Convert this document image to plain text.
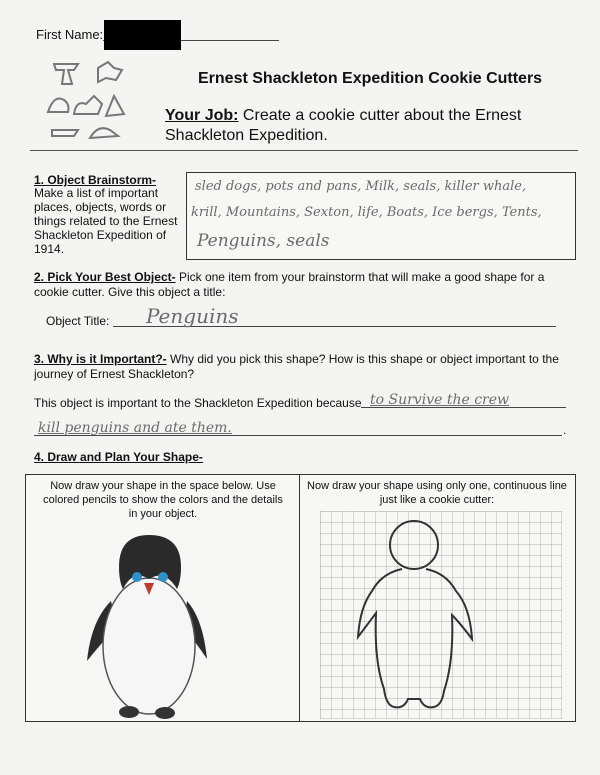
First Name:
Ernest Shackleton Expedition Cookie Cutters
Your Job: Create a cookie cutter about the Ernest
Shackleton Expedition.
1. Object Brainstorm-
Make a list of important
places, objects, words or
things related to the Ernest
Shackleton Expedition of
1914.
sled dogs, pots and pans, Milk, seals, killer whale,
krill, Mountains, Sexton, life, Boats, Ice bergs, Tents,
Penguins, seals
2. Pick Your Best Object- Pick one item from your brainstorm that will make a good shape for a
cookie cutter. Give this object a title:
Object Title: Penguins
3. Why is it Important?- Why did you pick this shape? How is this shape or object important to the
journey of Ernest Shackleton?
This object is important to the Shackleton Expedition because to Survive the crew
.
kill penguins and ate them.
4. Draw and Plan Your Shape-
Now draw your shape in the space below. Use colored pencils to show the colors and the details in your object.
Now draw your shape using only one, continuous line just like a cookie cutter:
